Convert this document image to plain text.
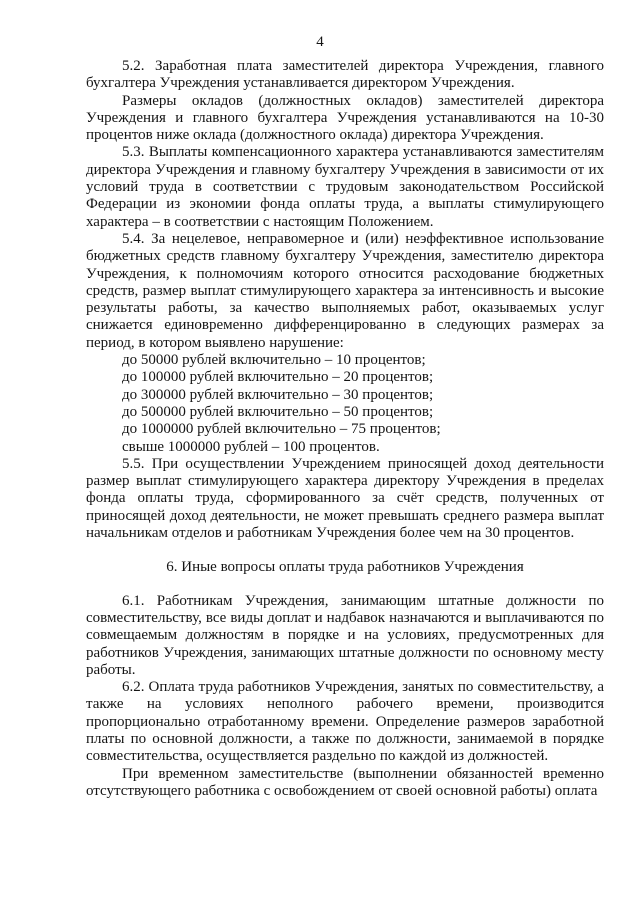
4

5.2. Заработная плата заместителей директора Учреждения, главного бухгалтера Учреждения устанавливается директором Учреждения.

Размеры окладов (должностных окладов) заместителей директора Учреждения и главного бухгалтера Учреждения устанавливаются на 10-30 процентов ниже оклада (должностного оклада) директора Учреждения.

5.3. Выплаты компенсационного характера устанавливаются заместителям директора Учреждения и главному бухгалтеру Учреждения в зависимости от их условий труда в соответствии с трудовым законодательством Российской Федерации из экономии фонда оплаты труда, а выплаты стимулирующего характера – в соответствии с настоящим Положением.

5.4. За нецелевое, неправомерное и (или) неэффективное использование бюджетных средств главному бухгалтеру Учреждения, заместителю директора Учреждения, к полномочиям которого относится расходование бюджетных средств, размер выплат стимулирующего характера за интенсивность и высокие результаты работы, за качество выполняемых работ, оказываемых услуг снижается единовременно дифференцированно в следующих размерах за период, в котором выявлено нарушение:

до 50000 рублей включительно – 10 процентов;

до 100000 рублей включительно – 20 процентов;

до 300000 рублей включительно – 30 процентов;

до 500000 рублей включительно – 50 процентов;

до 1000000 рублей включительно – 75 процентов;

свыше 1000000 рублей – 100 процентов.

5.5. При осуществлении Учреждением приносящей доход деятельности размер выплат стимулирующего характера директору Учреждения в пределах фонда оплаты труда, сформированного за счёт средств, полученных от приносящей доход деятельности, не может превышать среднего размера выплат начальникам отделов и работникам Учреждения более чем на 30 процентов.

6. Иные вопросы оплаты труда работников Учреждения

6.1. Работникам Учреждения, занимающим штатные должности по совместительству, все виды доплат и надбавок назначаются и выплачиваются по совмещаемым должностям в порядке и на условиях, предусмотренных для работников Учреждения, занимающих штатные должности по основному месту работы.

6.2. Оплата труда работников Учреждения, занятых по совместительству, а также на условиях неполного рабочего времени, производится пропорционально отработанному времени. Определение размеров заработной платы по основной должности, а также по должности, занимаемой в порядке совместительства, осуществляется раздельно по каждой из должностей.

При временном заместительстве (выполнении обязанностей временно отсутствующего работника с освобождением от своей основной работы) оплата
